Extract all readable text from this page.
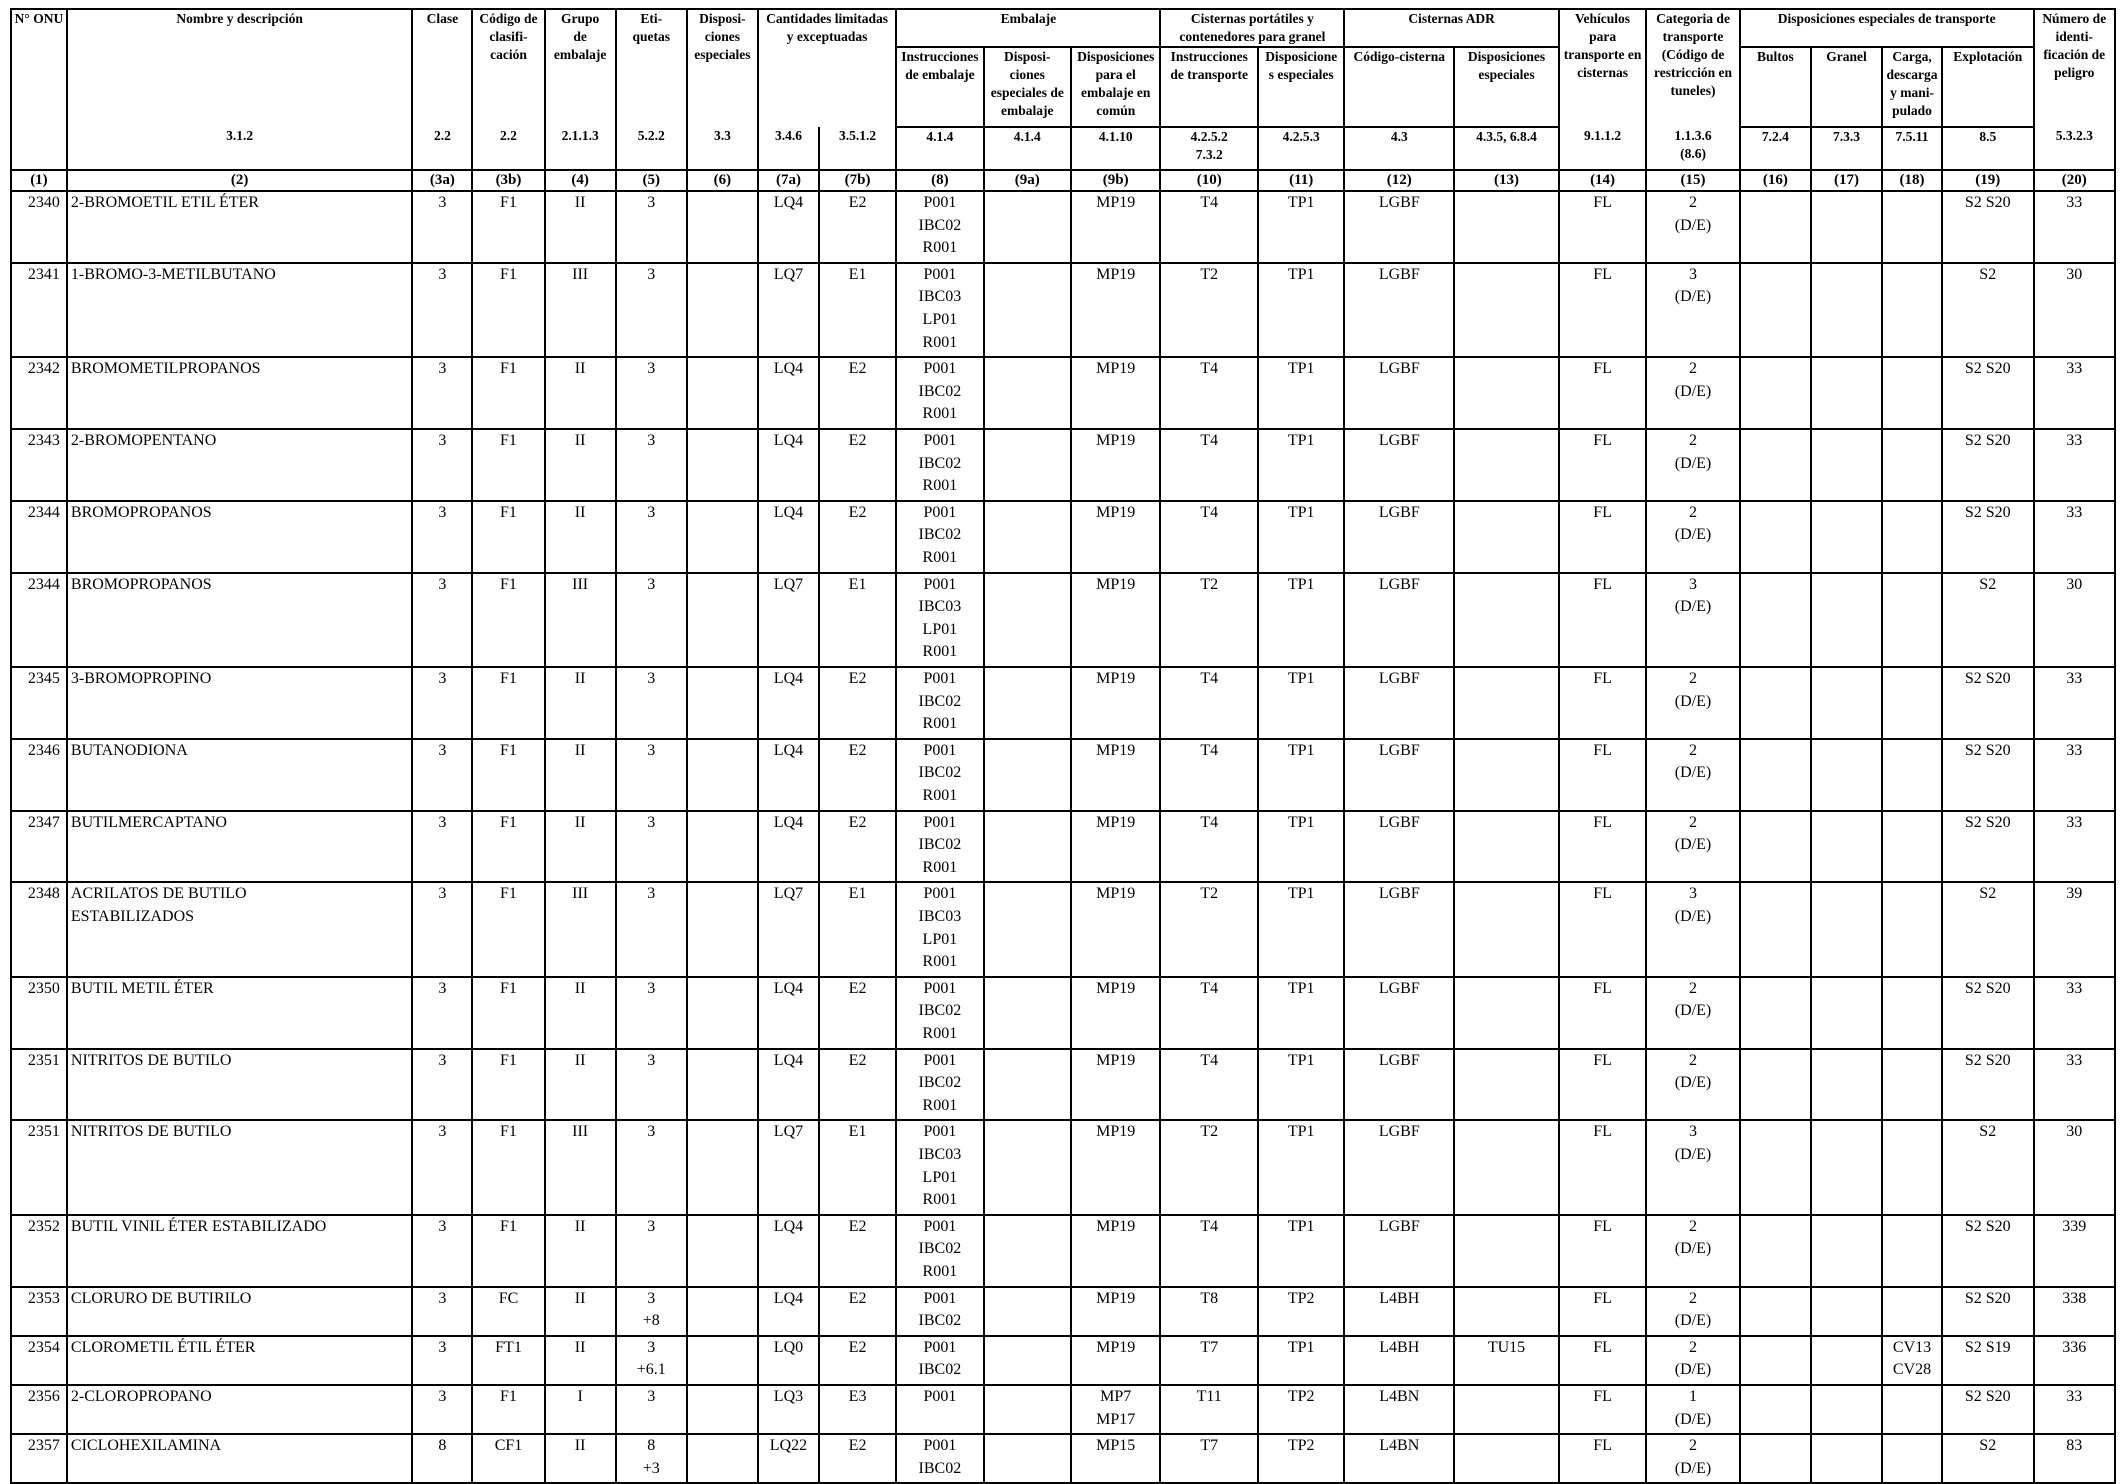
N° ONU	Nombre y descripción	Clase	Código de
clasifi-
cación	Grupo
de
embalaje	Eti-
quetas	Disposi-
ciones
especiales	Cantidades limitadas
y exceptuadas		Embalaje			Cisternas portátiles y
contenedores para granel		Cisternas ADR		Vehículos
para
transporte en
cisternas	Categoria de
transporte
(Código de
restricción en
tuneles)	Disposiciones especiales de transporte				Número de
identi-
ficación de
peligro
									Instrucciones
de embalaje	Disposi-
ciones
especiales de
embalaje	Disposiciones
para el
embalaje en
común	Instrucciones
de transporte	Disposicione
s especiales	Código-cisterna	Disposiciones
especiales			Bultos	Granel	Carga,
descarga
y mani-
pulado	Explotación	
	3.1.2	2.2	2.2	2.1.1.3	5.2.2	3.3	3.4.6	3.5.1.2	4.1.4	4.1.4	4.1.10	4.2.5.2
7.3.2	4.2.5.3	4.3	4.3.5, 6.8.4	9.1.1.2	1.1.3.6
(8.6)	7.2.4	7.3.3	7.5.11	8.5	5.3.2.3
(1)	(2)	(3a)	(3b)	(4)	(5)	(6)	(7a)	(7b)	(8)	(9a)	(9b)	(10)	(11)	(12)	(13)	(14)	(15)	(16)	(17)	(18)	(19)	(20)
2340	2-BROMOETIL ETIL ÉTER	3	F1	II	3		LQ4	E2	P001
IBC02
R001		MP19	T4	TP1	LGBF		FL	2
(D/E)				S2 S20	33
2341	1-BROMO-3-METILBUTANO	3	F1	III	3		LQ7	E1	P001
IBC03
LP01
R001		MP19	T2	TP1	LGBF		FL	3
(D/E)				S2	30
2342	BROMOMETILPROPANOS	3	F1	II	3		LQ4	E2	P001
IBC02
R001		MP19	T4	TP1	LGBF		FL	2
(D/E)				S2 S20	33
2343	2-BROMOPENTANO	3	F1	II	3		LQ4	E2	P001
IBC02
R001		MP19	T4	TP1	LGBF		FL	2
(D/E)				S2 S20	33
2344	BROMOPROPANOS	3	F1	II	3		LQ4	E2	P001
IBC02
R001		MP19	T4	TP1	LGBF		FL	2
(D/E)				S2 S20	33
2344	BROMOPROPANOS	3	F1	III	3		LQ7	E1	P001
IBC03
LP01
R001		MP19	T2	TP1	LGBF		FL	3
(D/E)				S2	30
2345	3-BROMOPROPINO	3	F1	II	3		LQ4	E2	P001
IBC02
R001		MP19	T4	TP1	LGBF		FL	2
(D/E)				S2 S20	33
2346	BUTANODIONA	3	F1	II	3		LQ4	E2	P001
IBC02
R001		MP19	T4	TP1	LGBF		FL	2
(D/E)				S2 S20	33
2347	BUTILMERCAPTANO	3	F1	II	3		LQ4	E2	P001
IBC02
R001		MP19	T4	TP1	LGBF		FL	2
(D/E)				S2 S20	33
2348	ACRILATOS DE BUTILO
ESTABILIZADOS	3	F1	III	3		LQ7	E1	P001
IBC03
LP01
R001		MP19	T2	TP1	LGBF		FL	3
(D/E)				S2	39
2350	BUTIL METIL ÉTER	3	F1	II	3		LQ4	E2	P001
IBC02
R001		MP19	T4	TP1	LGBF		FL	2
(D/E)				S2 S20	33
2351	NITRITOS DE BUTILO	3	F1	II	3		LQ4	E2	P001
IBC02
R001		MP19	T4	TP1	LGBF		FL	2
(D/E)				S2 S20	33
2351	NITRITOS DE BUTILO	3	F1	III	3		LQ7	E1	P001
IBC03
LP01
R001		MP19	T2	TP1	LGBF		FL	3
(D/E)				S2	30
2352	BUTIL VINIL ÉTER ESTABILIZADO	3	F1	II	3		LQ4	E2	P001
IBC02
R001		MP19	T4	TP1	LGBF		FL	2
(D/E)				S2 S20	339
2353	CLORURO DE BUTIRILO	3	FC	II	3
+8		LQ4	E2	P001
IBC02		MP19	T8	TP2	L4BH		FL	2
(D/E)				S2 S20	338
2354	CLOROMETIL ÉTIL ÉTER	3	FT1	II	3
+6.1		LQ0	E2	P001
IBC02		MP19	T7	TP1	L4BH	TU15	FL	2
(D/E)			CV13
CV28	S2 S19	336
2356	2-CLOROPROPANO	3	F1	I	3		LQ3	E3	P001		MP7
MP17	T11	TP2	L4BN		FL	1
(D/E)				S2 S20	33
2357	CICLOHEXILAMINA	8	CF1	II	8
+3		LQ22	E2	P001
IBC02		MP15	T7	TP2	L4BN		FL	2
(D/E)				S2	83
